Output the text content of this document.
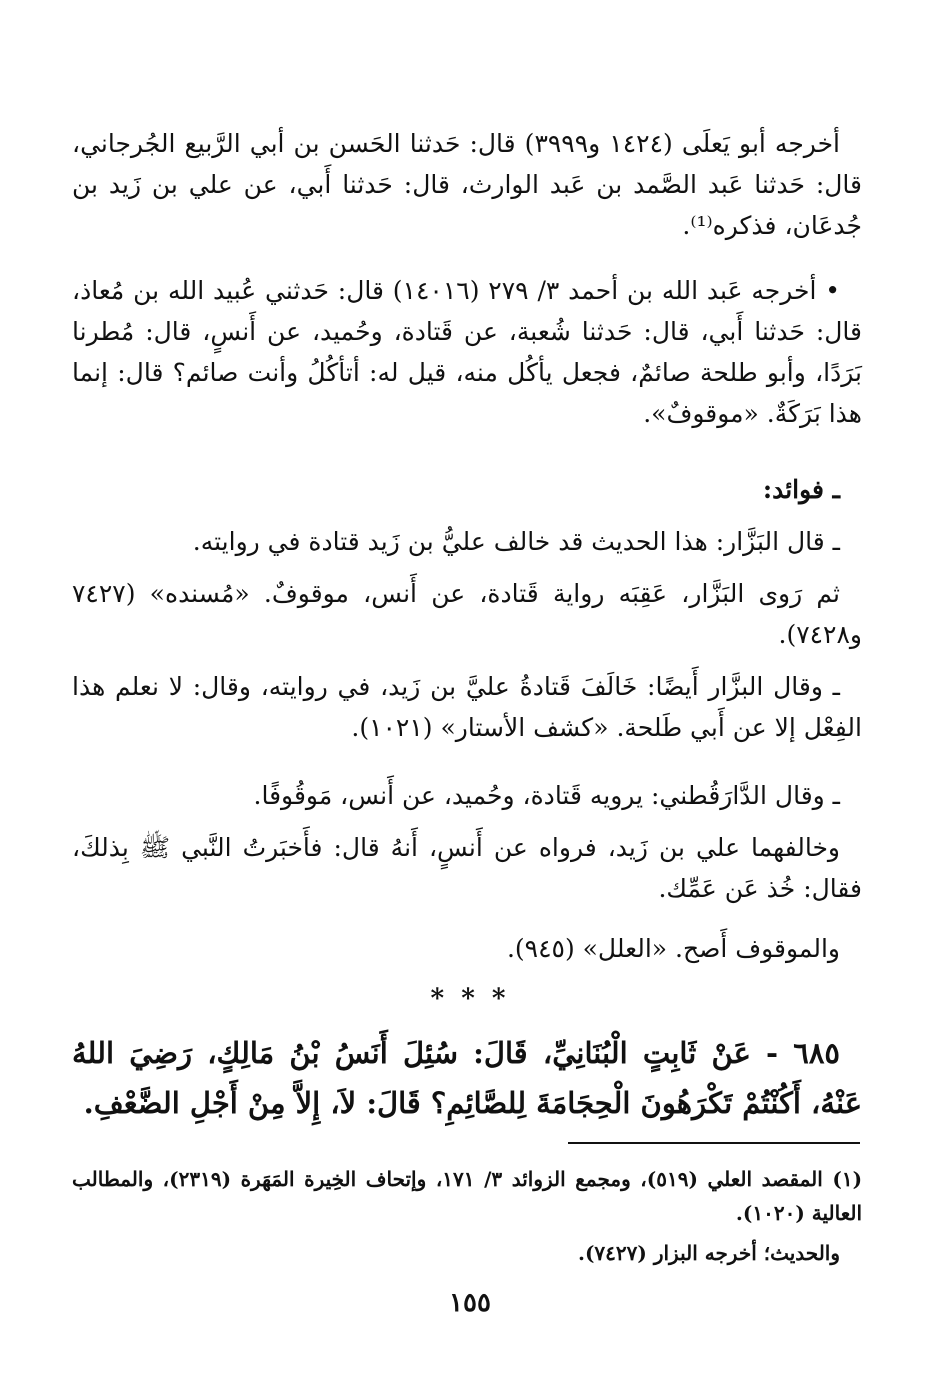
أخرجه أبو يَعلَى (١٤٢٤ و٣٩٩٩) قال: حَدثنا الحَسن بن أبي الرَّبيع الجُرجاني، قال: حَدثنا عَبد الصَّمد بن عَبد الوارث، قال: حَدثنا أَبي، عن علي بن زَيد بن جُدعَان، فذكره⁽¹⁾.
• أخرجه عَبد الله بن أحمد ٣/ ٢٧٩ (١٤٠١٦) قال: حَدثني عُبيد الله بن مُعاذ، قال: حَدثنا أَبي، قال: حَدثنا شُعبة، عن قَتادة، وحُميد، عن أَنسٍ، قال: مُطرنا بَرَدًا، وأبو طلحة صائمٌ، فجعل يأكُل منه، قيل له: أتأكُلُ وأنت صائم؟ قال: إنما هذا بَرَكَةٌ. «موقوفٌ».
ـ فوائد:
ـ قال البَزَّار: هذا الحديث قد خالف عليُّ بن زَيد قتادة في روايته.
ثم رَوى البَزَّار، عَقِبَه رواية قَتادة، عن أَنس، موقوفٌ. «مُسنده» (٧٤٢٧ و٧٤٢٨).
ـ وقال البزَّار أَيضًا: خَالَفَ قَتادةُ عليَّ بن زَيد، في روايته، وقال: لا نعلم هذا الفِعْل إلا عن أَبي طَلحة. «كشف الأستار» (١٠٢١).
ـ وقال الدَّارَقُطني: يرويه قَتادة، وحُميد، عن أَنس، مَوقُوفًا.
وخالفهما علي بن زَيد، فرواه عن أَنسٍ، أَنهُ قال: فأَخبَرتُ النَّبي ﷺ بِذلكَ، فقال: خُذ عَن عَمِّك.
والموقوف أَصح. «العلل» (٩٤٥).
* * *
٦٨٥ - عَنْ ثَابِتٍ الْبُنَانِيِّ، قَالَ: سُئِلَ أَنَسُ بْنُ مَالِكٍ، رَضِيَ اللهُ عَنْهُ، أَكُنْتُمْ تَكْرَهُونَ الْحِجَامَةَ لِلصَّائِمِ؟ قَالَ: لاَ، إِلاَّ مِنْ أَجْلِ الضَّعْفِ.
(١) المقصد العلي (٥١٩)، ومجمع الزوائد ٣/ ١٧١، وإتحاف الخِيرة المَهَرة (٢٣١٩)، والمطالب العالية (١٠٢٠).
والحديث؛ أخرجه البزار (٧٤٢٧).
١٥٥
